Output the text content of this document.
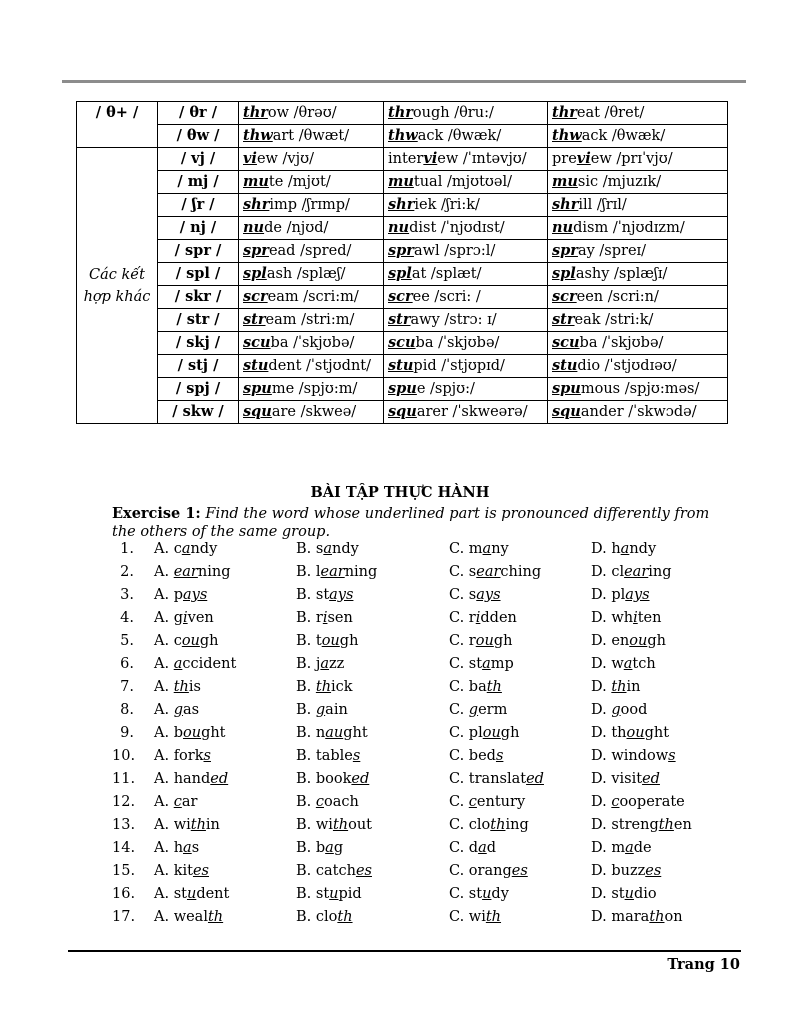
/ θ+ /	/ θr /	throw /θrəʊ/	through /θru:/	threat /θret/
	/ θw /	thwart /θwæt/	thwack /θwæk/	thwack /θwæk/
Các kết hợp khác	/ vj /	view /vjʊ/	interview /ˈɪntəvjʊ/	preview /prɪˈvjʊ/
	/ mj /	mute /mjʊt/	mutual /mjʊtʊəl/	music /mjuzɪk/
	/ ʃr /	shrimp /ʃrɪmp/	shriek /ʃri:k/	shrill /ʃrɪl/
	/ nj /	nude /njʊd/	nudist /ˈnjʊdɪst/	nudism /ˈnjʊdɪzm/
	/ spr /	spread /spred/	sprawl /sprɔ:l/	spray /spreɪ/
	/ spl /	splash /splæʃ/	splat /splæt/	splashy /splæʃɪ/
	/ skr /	scream /scri:m/	scree /scri: /	screen /scri:n/
	/ str /	stream /stri:m/	strawy /strɔ: ɪ/	streak /stri:k/
	/ skj /	scuba /ˈskjʊbə/	scuba /ˈskjʊbə/	scuba /ˈskjʊbə/
	/ stj /	student /ˈstjʊdnt/	stupid /ˈstjʊpɪd/	studio /ˈstjʊdɪəʊ/
	/ spj /	spume /spjʊ:m/	spue /spjʊ:/	spumous /spjʊ:məs/
	/ skw /	square /skweə/	squarer /ˈskweərə/	squander /ˈskwɔdə/
BÀI TẬP THỰC HÀNH
Exercise 1: Find the word whose underlined part is pronounced differently from the others of the same group.
1. A. candy	B. sandy	C. many	D. handy
2. A. earning	B. learning	C. searching	D. clearing
3. A. pays	B. stays	C. says	D. plays
4. A. given	B. risen	C. ridden	D. whiten
5. A. cough	B. tough	C. rough	D. enough
6. A. accident	B. jazz	C. stamp	D. watch
7. A. this	B. thick	C. bath	D. thin
8. A. gas	B. gain	C. germ	D. good
9. A. bought	B. naught	C. plough	D. thought
10. A. forks	B. tables	C. beds	D. windows
11. A. handed	B. booked	C. translated	D. visited
12. A. car	B. coach	C. century	D. cooperate
13. A. within	B. without	C. clothing	D. strengthen
14. A. has	B. bag	C. dad	D. made
15. A. kites	B. catches	C. oranges	D. buzzes
16. A. student	B. stupid	C. study	D. studio
17. A. wealth	B. cloth	C. with	D. marathon
Trang 10
